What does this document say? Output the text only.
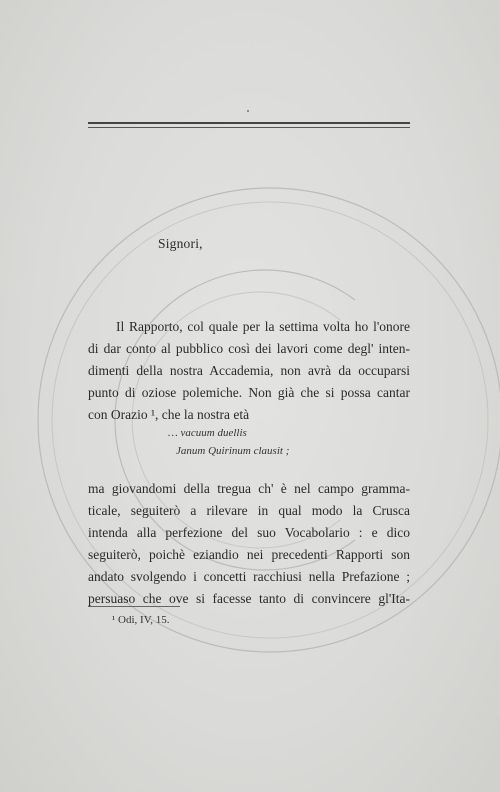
Signori,
Il Rapporto, col quale per la settima volta ho l'onore
di dar conto al pubblico così dei lavori come degl' inten-
dimenti della nostra Accademia, non avrà da occuparsi
punto di oziose polemiche. Non già che si possa cantar
con Orazio ¹, che la nostra età
… vacuum duellis
Janum Quirinum clausit ;
ma giovandomi della tregua ch' è nel campo gramma-
ticale, seguiterò a rilevare in qual modo la Crusca
intenda alla perfezione del suo Vocabolario : e dico
seguiterò, poichè eziandio nei precedenti Rapporti son
andato svolgendo i concetti racchiusi nella Prefazione ;
persuaso che ove si facesse tanto di convincere gl'Ita-
¹ Odi, IV, 15.
